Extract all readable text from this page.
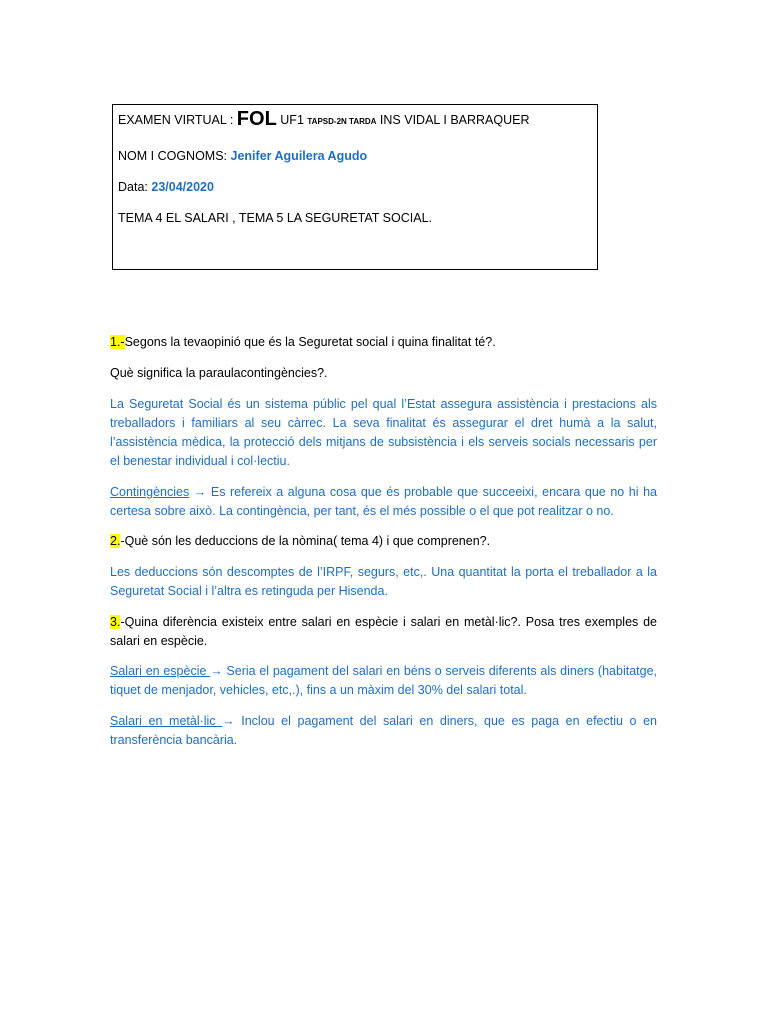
EXAMEN VIRTUAL : FOL UF1 TAPSD-2N TARDA INS VIDAL I BARRAQUER
NOM I COGNOMS: Jenifer Aguilera Agudo
Data: 23/04/2020
TEMA 4 EL SALARI , TEMA 5 LA SEGURETAT SOCIAL.

1.-Segons la tevaopinió que és la Seguretat social i quina finalitat té?.

Què significa la paraulacontingències?.

La Seguretat Social és un sistema públic pel qual l’Estat assegura assistència i prestacions als treballadors i familiars al seu càrrec. La seva finalitat és assegurar el dret humà a la salut, l’assistència mèdica, la protecció dels mitjans de subsistència i els serveis socials necessaris per el benestar individual i col·lectiu.

Contingències → Es refereix a alguna cosa que és probable que succeeixi, encara que no hi ha certesa sobre això. La contingència, per tant, és el més possible o el que pot realitzar o no.

2.-Què són les deduccions de la nòmina( tema 4) i que comprenen?.

Les deduccions són descomptes de l’IRPF, segurs, etc,. Una quantitat la porta el treballador a la Seguretat Social i l’altra es retinguda per Hisenda.

3.-Quina diferència existeix entre salari en espècie i salari en metàl·lic?. Posa tres exemples de salari en espècie.

Salari en espècie → Seria el pagament del salari en béns o serveis diferents als diners (habitatge, tiquet de menjador, vehicles, etc,.), fins a un màxim del 30% del salari total.

Salari en metàl·lic → Inclou el pagament del salari en diners, que es paga en efectiu o en transferència bancària.
